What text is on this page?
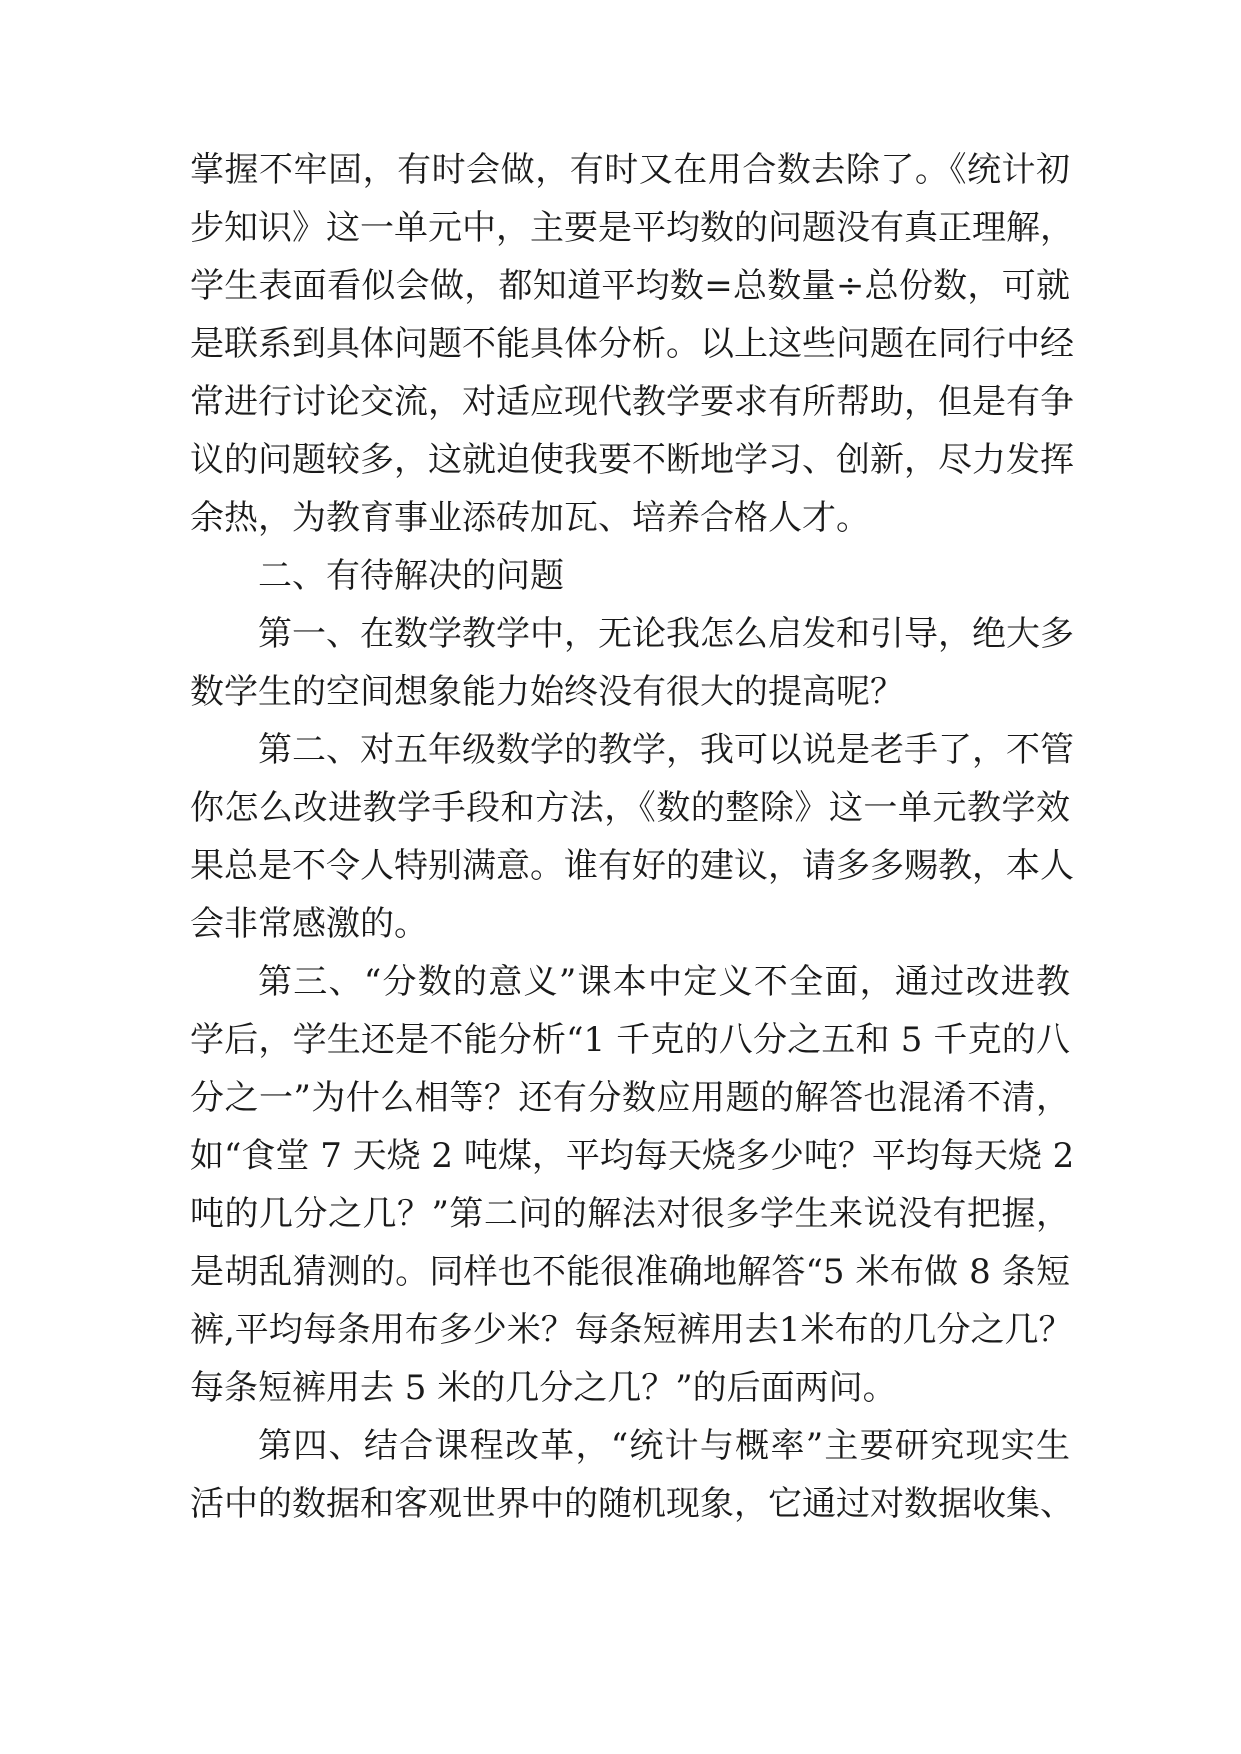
掌握不牢固，有时会做，有时又在用合数去除了。《统计初
步知识》这一单元中，主要是平均数的问题没有真正理解，
学生表面看似会做，都知道平均数=总数量÷总份数，可就
是联系到具体问题不能具体分析。以上这些问题在同行中经
常进行讨论交流，对适应现代教学要求有所帮助，但是有争
议的问题较多，这就迫使我要不断地学习、创新，尽力发挥
余热，为教育事业添砖加瓦、培养合格人才。
二、有待解决的问题
第一、在数学教学中，无论我怎么启发和引导，绝大多
数学生的空间想象能力始终没有很大的提高呢？
第二、对五年级数学的教学，我可以说是老手了，不管
你怎么改进教学手段和方法，《数的整除》这一单元教学效
果总是不令人特别满意。谁有好的建议，请多多赐教，本人
会非常感激的。
第三、“分数的意义”课本中定义不全面，通过改进教
学后，学生还是不能分析“1 千克的八分之五和 5 千克的八
分之一”为什么相等？还有分数应用题的解答也混淆不清，
如“食堂 7 天烧 2 吨煤，平均每天烧多少吨？平均每天烧 2
吨的几分之几？”第二问的解法对很多学生来说没有把握，
是胡乱猜测的。同样也不能很准确地解答“5 米布做 8 条短
裤,平均每条用布多少米？每条短裤用去1米布的几分之几？
每条短裤用去 5 米的几分之几？”的后面两问。
第四、结合课程改革，“统计与概率”主要研究现实生
活中的数据和客观世界中的随机现象，它通过对数据收集、
